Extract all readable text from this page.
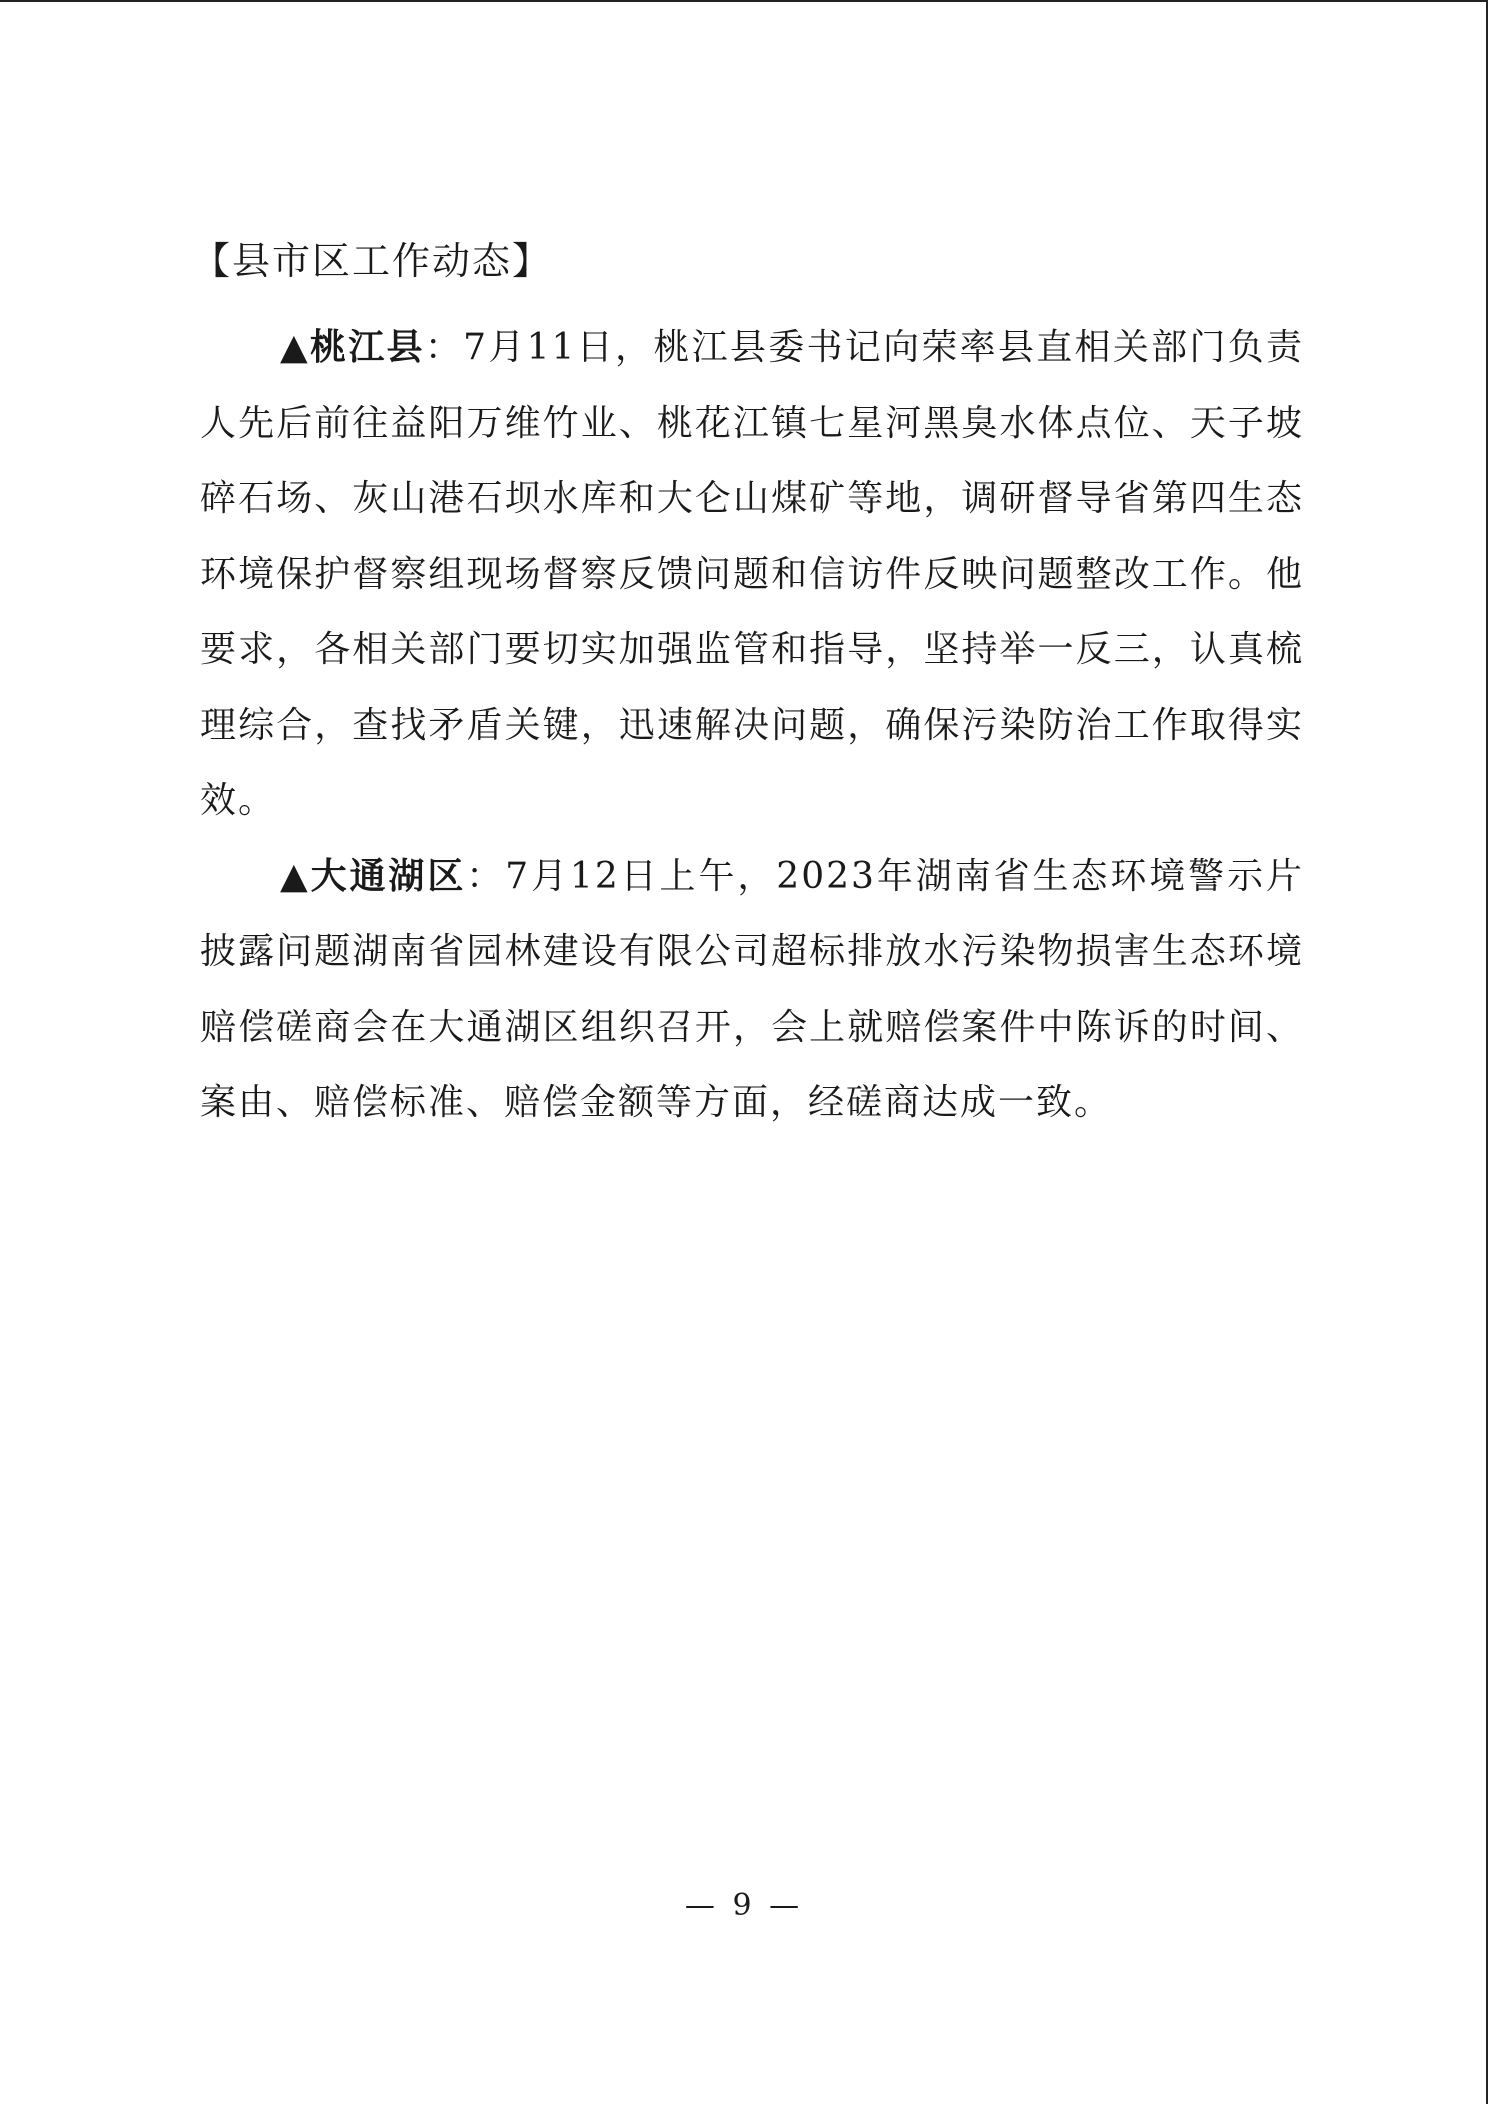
【县市区工作动态】

▲桃江县：7月11日，桃江县委书记向荣率县直相关部门负责人先后前往益阳万维竹业、桃花江镇七星河黑臭水体点位、天子坡碎石场、灰山港石坝水库和大仑山煤矿等地，调研督导省第四生态环境保护督察组现场督察反馈问题和信访件反映问题整改工作。他要求，各相关部门要切实加强监管和指导，坚持举一反三，认真梳理综合，查找矛盾关键，迅速解决问题，确保污染防治工作取得实效。

▲大通湖区：7月12日上午，2023年湖南省生态环境警示片披露问题湖南省园林建设有限公司超标排放水污染物损害生态环境赔偿磋商会在大通湖区组织召开，会上就赔偿案件中陈诉的时间、案由、赔偿标准、赔偿金额等方面，经磋商达成一致。

— 9 —
